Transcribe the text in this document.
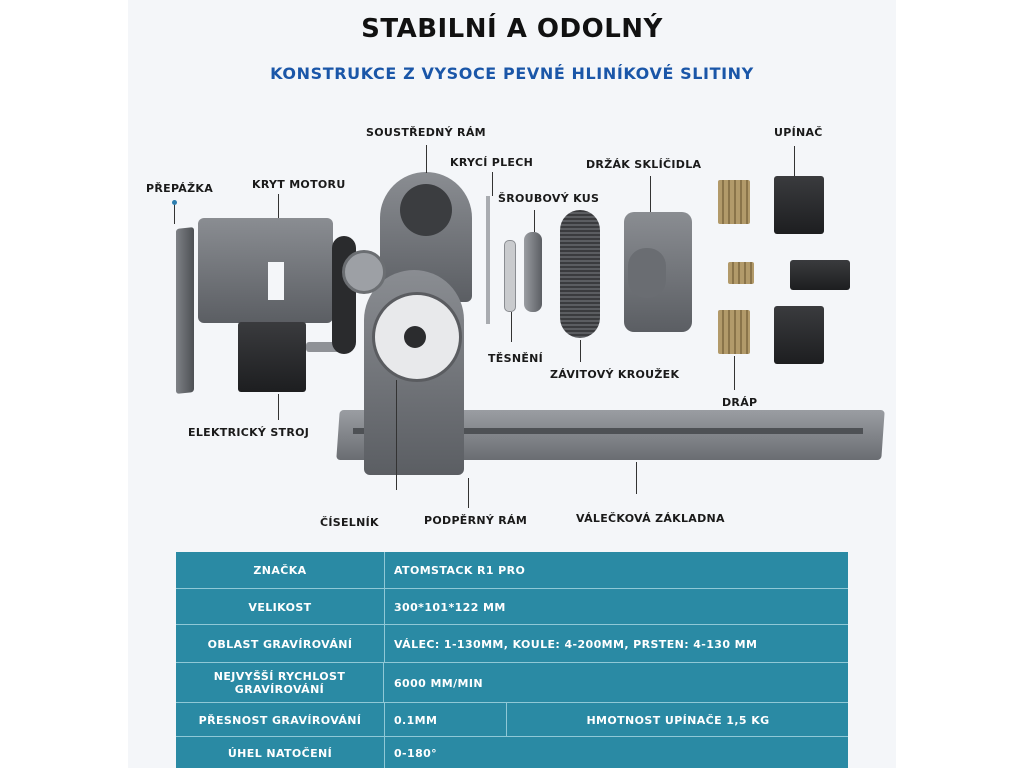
STABILNÍ A ODOLNÝ
KONSTRUKCE Z VYSOCE PEVNÉ HLINÍKOVÉ SLITINY
SOUSTŘEDNÝ RÁM	UPÍNAČ
KRYCÍ PLECH	DRŽÁK SKLÍČIDLA
PŘEPÁŽKA	KRYT MOTORU
ŠROUBOVÝ KUS
TĚSNĚNÍ
ZÁVITOVÝ KROUŽEK
DRÁP
ELEKTRICKÝ STROJ
ČÍSELNÍK	PODPĚRNÝ RÁM	VÁLEČKOVÁ ZÁKLADNA
ZNAČKA	ATOMSTACK R1 PRO
VELIKOST	300*101*122 MM
OBLAST GRAVÍROVÁNÍ	VÁLEC: 1-130MM, KOULE: 4-200MM, PRSTEN: 4-130 MM
NEJVYŠŠÍ RYCHLOST GRAVÍROVÁNÍ	6000 MM/MIN
PŘESNOST GRAVÍROVÁNÍ	0.1MM	HMOTNOST UPÍNAČE 1,5 KG
ÚHEL NATOČENÍ	0-180°
